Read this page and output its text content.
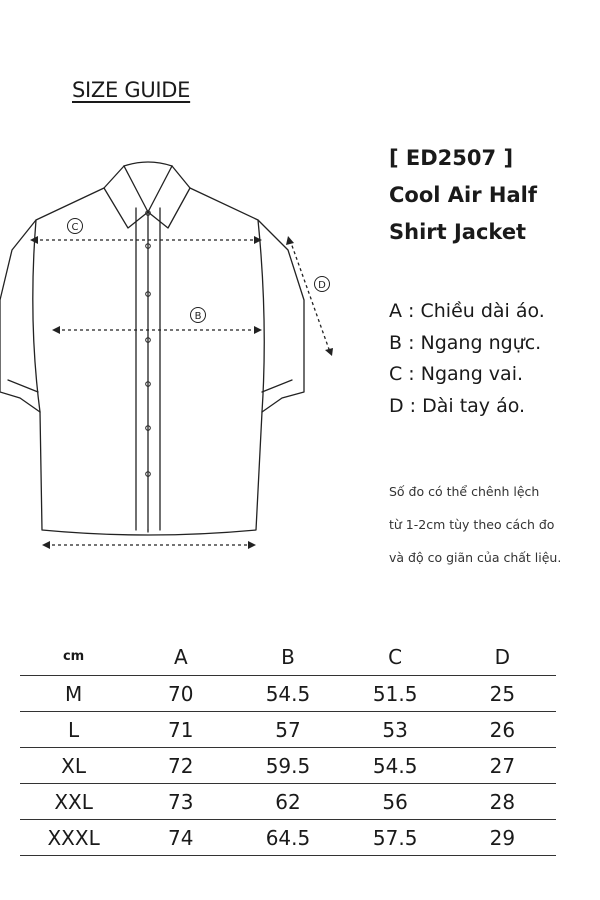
SIZE GUIDE
[ ED2507 ]
Cool Air Half
Shirt Jacket
C
B
D
A : Chiều dài áo.
B : Ngang ngực.
C : Ngang vai.
D : Dài tay áo.
Số đo có thể chênh lệch
từ 1-2cm tùy theo cách đo
và độ co giãn của chất liệu.
cm	A	B	C	D
M	70	54.5	51.5	25
L	71	57	53	26
XL	72	59.5	54.5	27
XXL	73	62	56	28
XXXL	74	64.5	57.5	29
